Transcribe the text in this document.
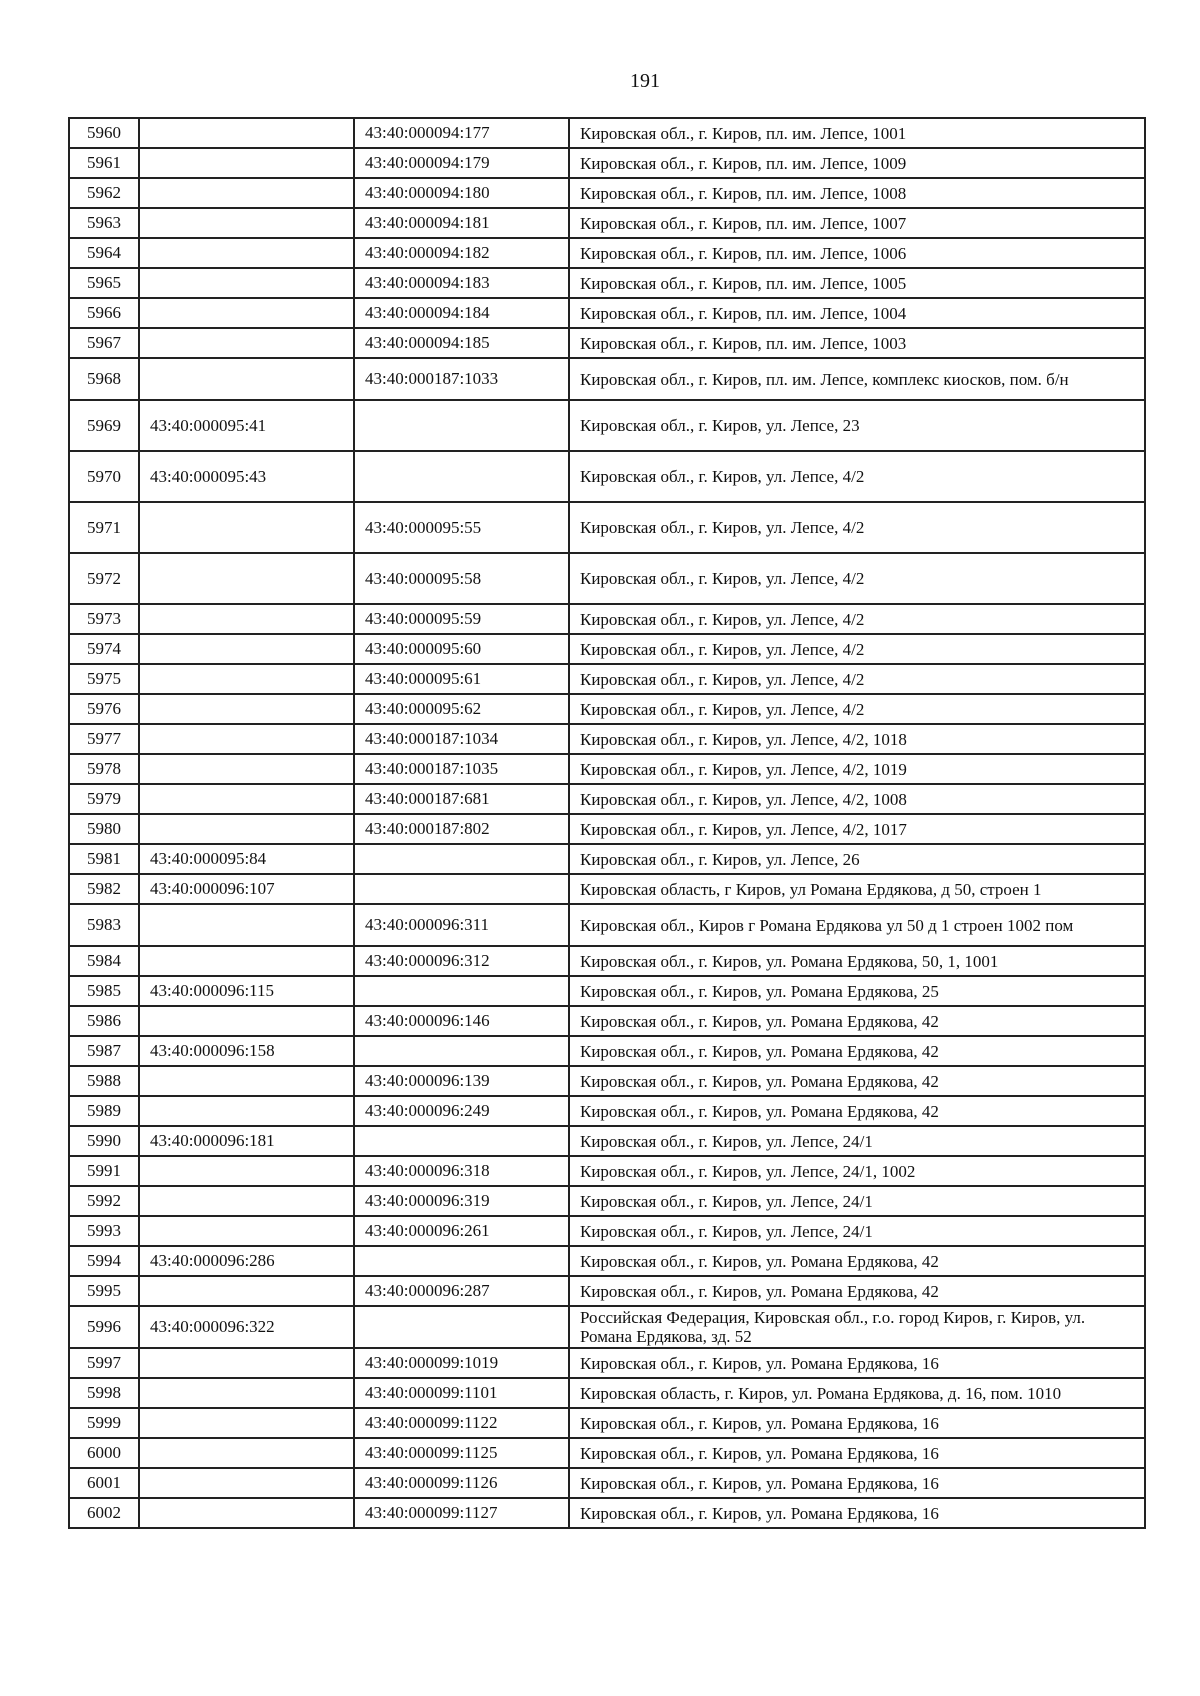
191
5960		43:40:000094:177	Кировская обл., г. Киров, пл. им. Лепсе, 1001
5961		43:40:000094:179	Кировская обл., г. Киров, пл. им. Лепсе, 1009
5962		43:40:000094:180	Кировская обл., г. Киров, пл. им. Лепсе, 1008
5963		43:40:000094:181	Кировская обл., г. Киров, пл. им. Лепсе, 1007
5964		43:40:000094:182	Кировская обл., г. Киров, пл. им. Лепсе, 1006
5965		43:40:000094:183	Кировская обл., г. Киров, пл. им. Лепсе, 1005
5966		43:40:000094:184	Кировская обл., г. Киров, пл. им. Лепсе, 1004
5967		43:40:000094:185	Кировская обл., г. Киров, пл. им. Лепсе, 1003
5968		43:40:000187:1033	Кировская обл., г. Киров, пл. им. Лепсе, комплекс киосков, пом. б/н
5969	43:40:000095:41		Кировская обл., г. Киров, ул. Лепсе, 23
5970	43:40:000095:43		Кировская обл., г. Киров, ул. Лепсе, 4/2
5971		43:40:000095:55	Кировская обл., г. Киров, ул. Лепсе, 4/2
5972		43:40:000095:58	Кировская обл., г. Киров, ул. Лепсе, 4/2
5973		43:40:000095:59	Кировская обл., г. Киров, ул. Лепсе, 4/2
5974		43:40:000095:60	Кировская обл., г. Киров, ул. Лепсе, 4/2
5975		43:40:000095:61	Кировская обл., г. Киров, ул. Лепсе, 4/2
5976		43:40:000095:62	Кировская обл., г. Киров, ул. Лепсе, 4/2
5977		43:40:000187:1034	Кировская обл., г. Киров, ул. Лепсе, 4/2, 1018
5978		43:40:000187:1035	Кировская обл., г. Киров, ул. Лепсе, 4/2, 1019
5979		43:40:000187:681	Кировская обл., г. Киров, ул. Лепсе, 4/2, 1008
5980		43:40:000187:802	Кировская обл., г. Киров, ул. Лепсе, 4/2, 1017
5981	43:40:000095:84		Кировская обл., г. Киров, ул. Лепсе, 26
5982	43:40:000096:107		Кировская область, г Киров, ул Романа Ердякова, д 50, строен 1
5983		43:40:000096:311	Кировская обл., Киров г Романа Ердякова ул 50 д 1 строен 1002 пом
5984		43:40:000096:312	Кировская обл., г. Киров, ул. Романа Ердякова, 50, 1, 1001
5985	43:40:000096:115		Кировская обл., г. Киров, ул. Романа Ердякова, 25
5986		43:40:000096:146	Кировская обл., г. Киров, ул. Романа Ердякова, 42
5987	43:40:000096:158		Кировская обл., г. Киров, ул. Романа Ердякова, 42
5988		43:40:000096:139	Кировская обл., г. Киров, ул. Романа Ердякова, 42
5989		43:40:000096:249	Кировская обл., г. Киров, ул. Романа Ердякова, 42
5990	43:40:000096:181		Кировская обл., г. Киров, ул. Лепсе, 24/1
5991		43:40:000096:318	Кировская обл., г. Киров, ул. Лепсе, 24/1, 1002
5992		43:40:000096:319	Кировская обл., г. Киров, ул. Лепсе, 24/1
5993		43:40:000096:261	Кировская обл., г. Киров, ул. Лепсе, 24/1
5994	43:40:000096:286		Кировская обл., г. Киров, ул. Романа Ердякова, 42
5995		43:40:000096:287	Кировская обл., г. Киров, ул. Романа Ердякова, 42
5996	43:40:000096:322		Российская Федерация, Кировская обл., г.о. город Киров, г. Киров, ул. Романа Ердякова, зд. 52
5997		43:40:000099:1019	Кировская обл., г. Киров, ул. Романа Ердякова, 16
5998		43:40:000099:1101	Кировская область, г. Киров, ул. Романа Ердякова, д. 16, пом. 1010
5999		43:40:000099:1122	Кировская обл., г. Киров, ул. Романа Ердякова, 16
6000		43:40:000099:1125	Кировская обл., г. Киров, ул. Романа Ердякова, 16
6001		43:40:000099:1126	Кировская обл., г. Киров, ул. Романа Ердякова, 16
6002		43:40:000099:1127	Кировская обл., г. Киров, ул. Романа Ердякова, 16
